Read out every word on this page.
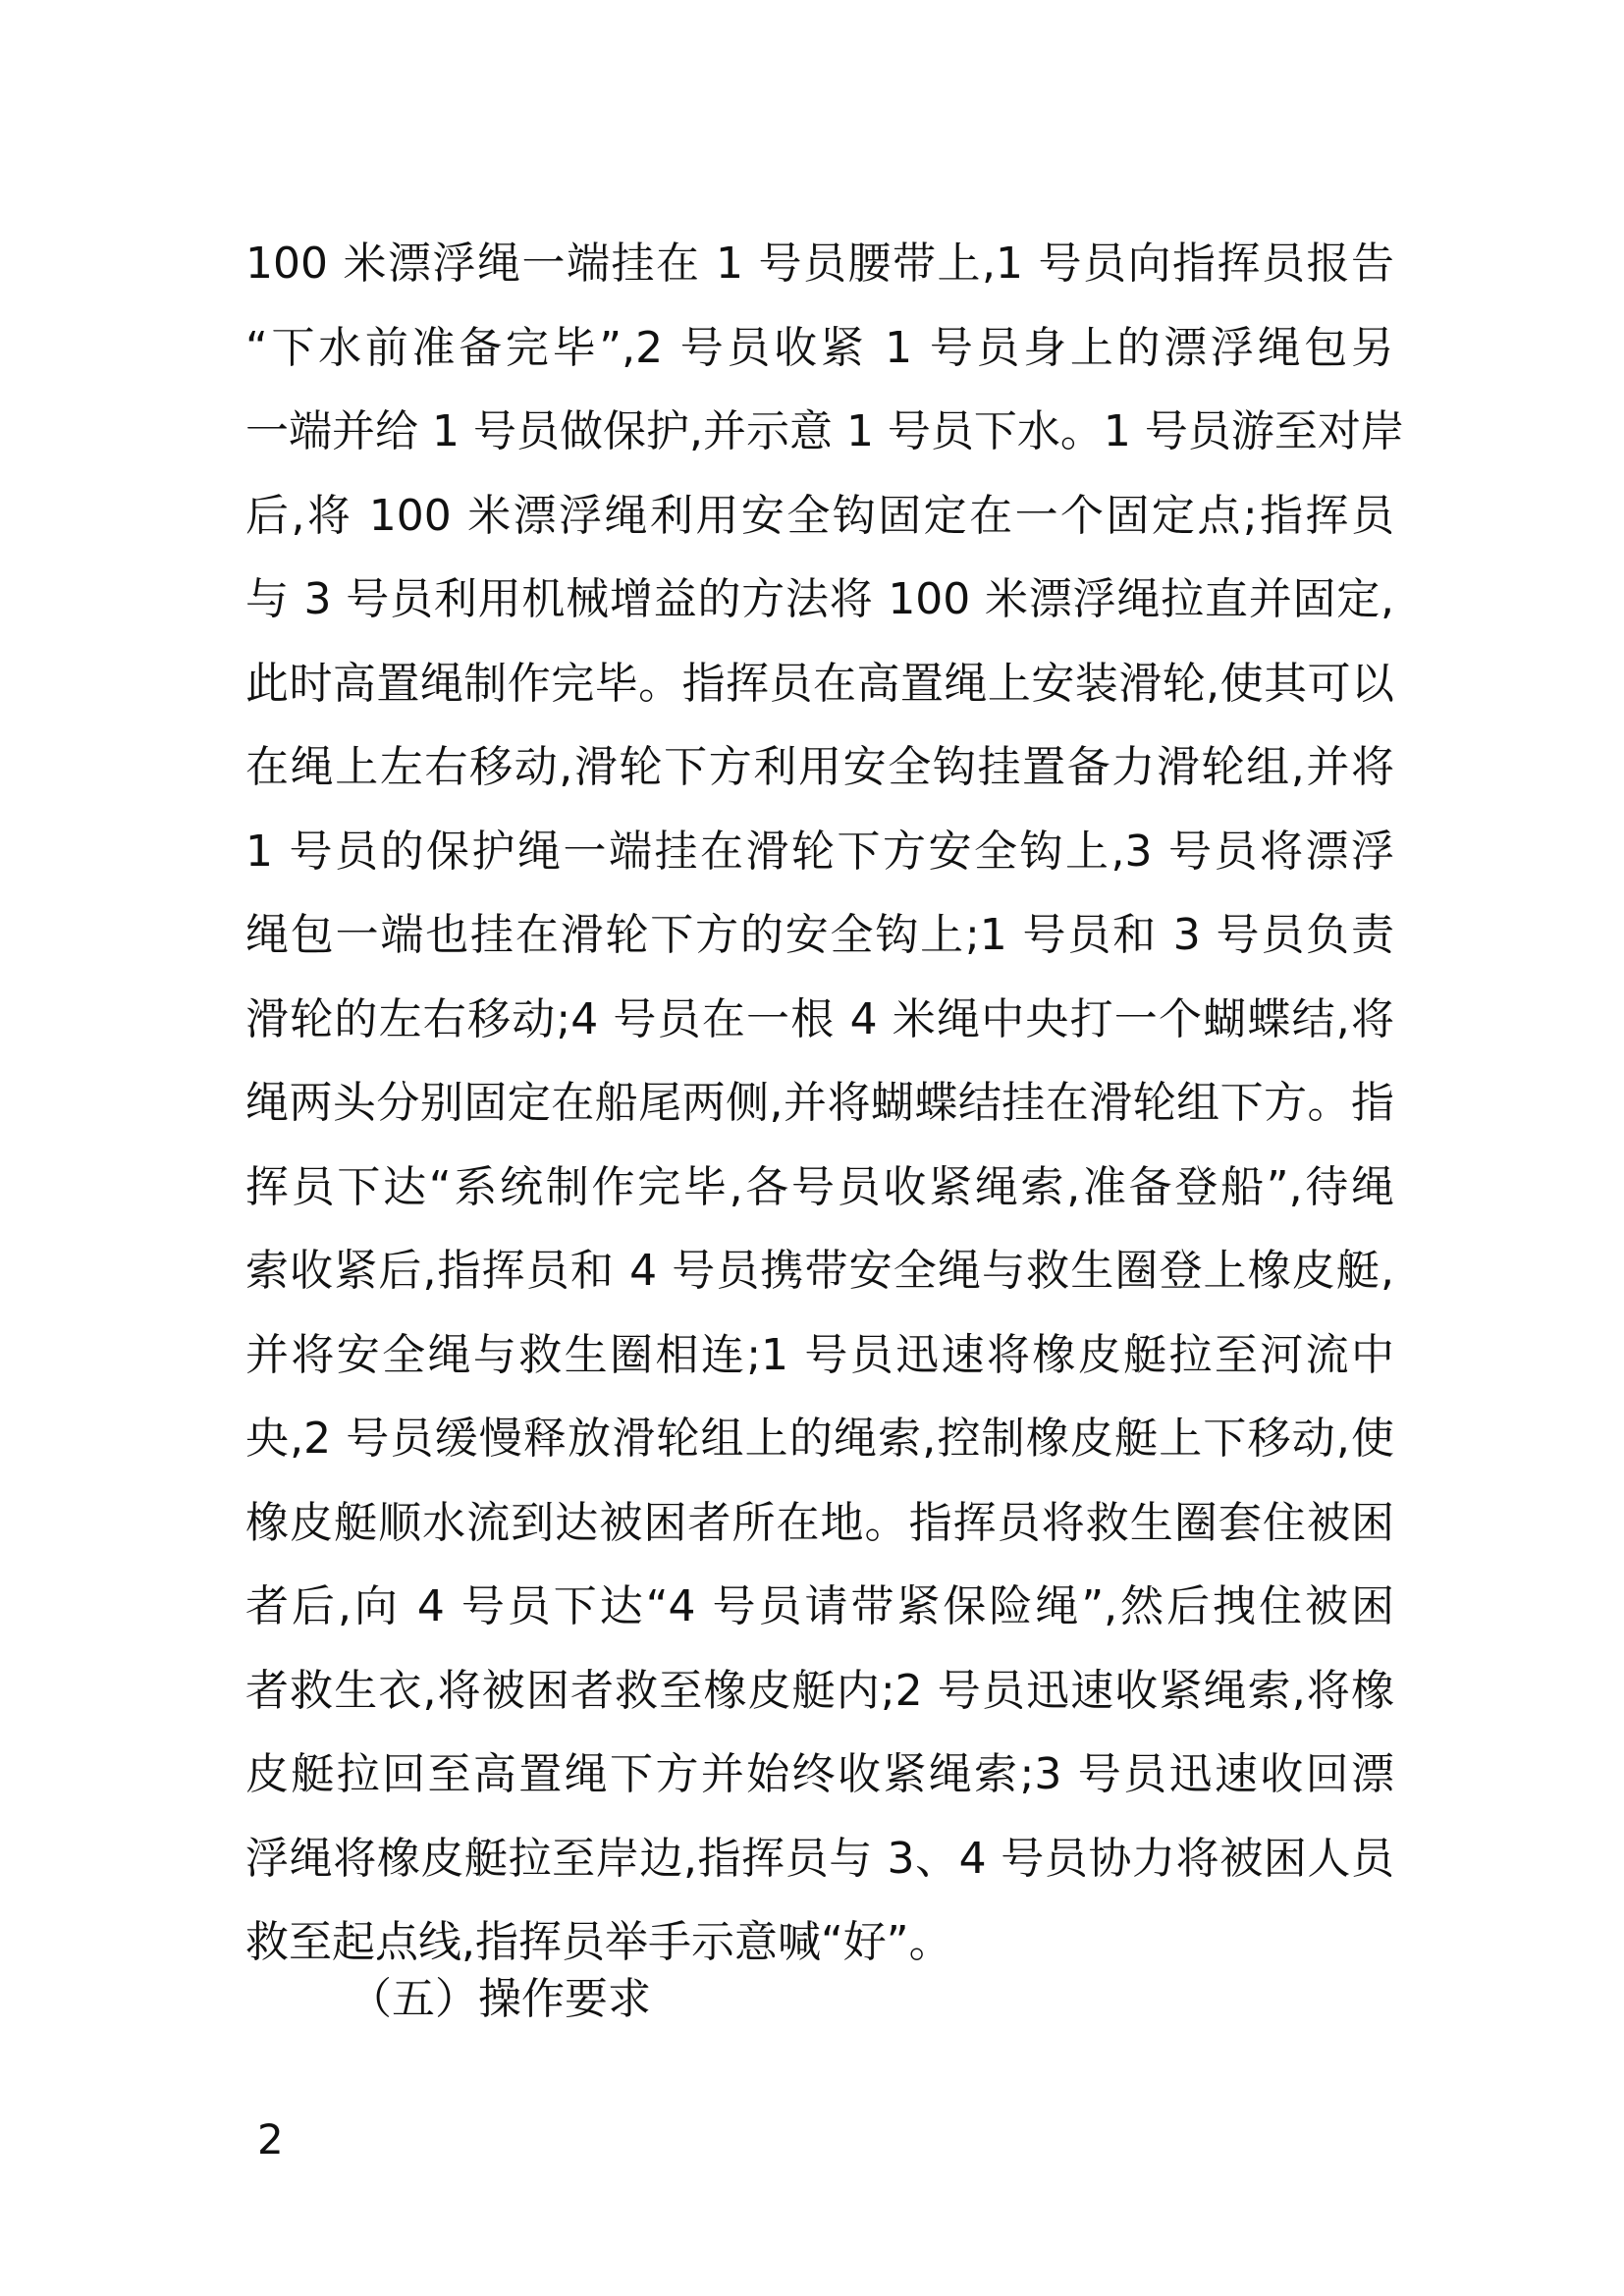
100 米漂浮绳一端挂在 1 号员腰带上,1 号员向指挥员报告
“下水前准备完毕”,2 号员收紧 1 号员身上的漂浮绳包另
一端并给 1 号员做保护,并示意 1 号员下水。1 号员游至对岸
后,将 100 米漂浮绳利用安全钩固定在一个固定点;指挥员
与 3 号员利用机械增益的方法将 100 米漂浮绳拉直并固定,
此时高置绳制作完毕。指挥员在高置绳上安装滑轮,使其可以
在绳上左右移动,滑轮下方利用安全钩挂置备力滑轮组,并将
1 号员的保护绳一端挂在滑轮下方安全钩上,3 号员将漂浮
绳包一端也挂在滑轮下方的安全钩上;1 号员和 3 号员负责
滑轮的左右移动;4 号员在一根 4 米绳中央打一个蝴蝶结,将
绳两头分别固定在船尾两侧,并将蝴蝶结挂在滑轮组下方。指
挥员下达“系统制作完毕,各号员收紧绳索,准备登船”,待绳
索收紧后,指挥员和 4 号员携带安全绳与救生圈登上橡皮艇,
并将安全绳与救生圈相连;1 号员迅速将橡皮艇拉至河流中
央,2 号员缓慢释放滑轮组上的绳索,控制橡皮艇上下移动,使
橡皮艇顺水流到达被困者所在地。指挥员将救生圈套住被困
者后,向 4 号员下达“4 号员请带紧保险绳”,然后拽住被困
者救生衣,将被困者救至橡皮艇内;2 号员迅速收紧绳索,将橡
皮艇拉回至高置绳下方并始终收紧绳索;3 号员迅速收回漂
浮绳将橡皮艇拉至岸边,指挥员与 3、4 号员协力将被困人员
救至起点线,指挥员举手示意喊“好”。

（五）操作要求

2
